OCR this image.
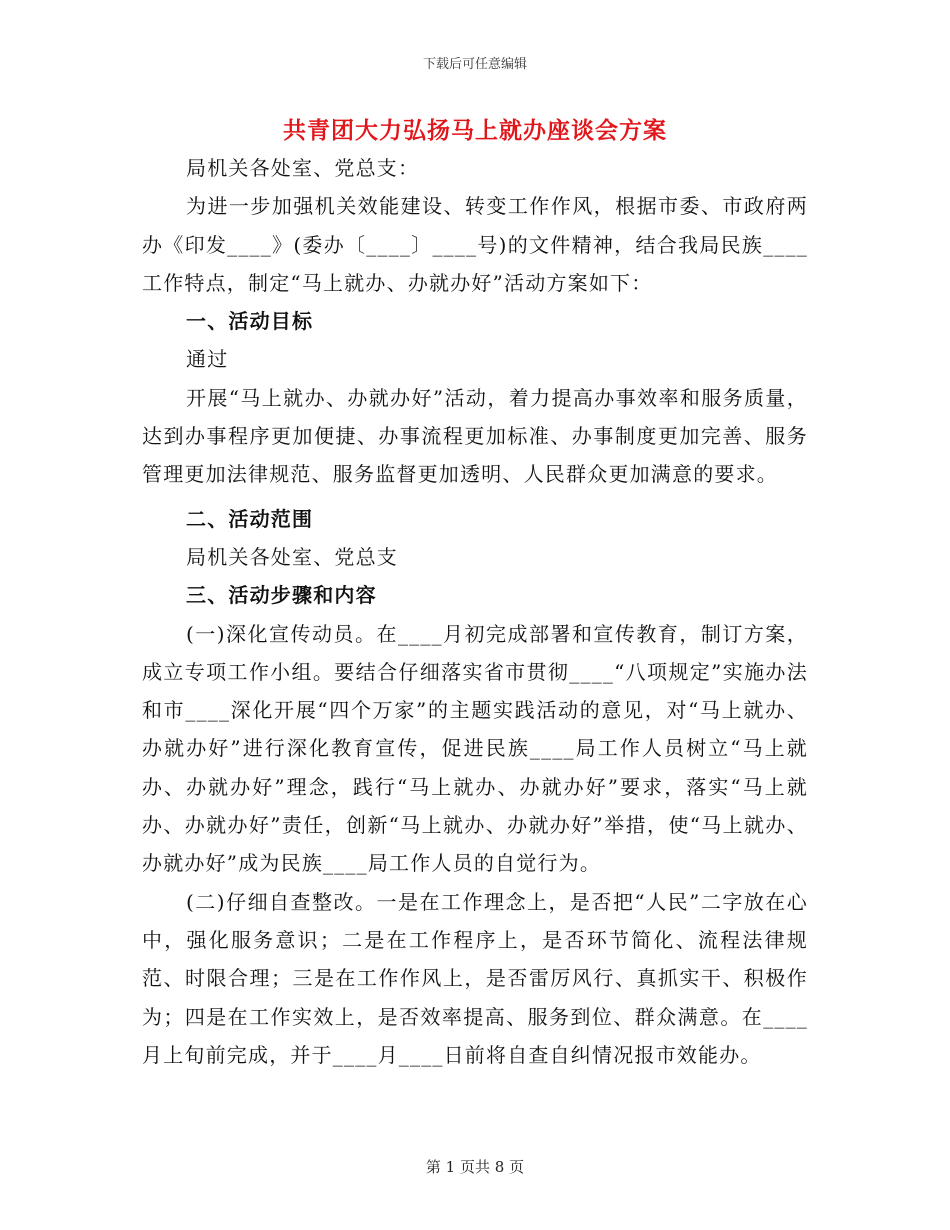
下载后可任意编辑
共青团大力弘扬马上就办座谈会方案

局机关各处室、党总支：

为进一步加强机关效能建设、转变工作作风，根据市委、市政府两办《印发____》(委办〔____〕____号)的文件精神，结合我局民族____工作特点，制定“马上就办、办就办好”活动方案如下：

一、活动目标

通过

开展“马上就办、办就办好”活动，着力提高办事效率和服务质量，达到办事程序更加便捷、办事流程更加标准、办事制度更加完善、服务管理更加法律规范、服务监督更加透明、人民群众更加满意的要求。

二、活动范围

局机关各处室、党总支

三、活动步骤和内容

(一)深化宣传动员。在____月初完成部署和宣传教育，制订方案，成立专项工作小组。要结合仔细落实省市贯彻____“八项规定”实施办法和市____深化开展“四个万家”的主题实践活动的意见，对“马上就办、办就办好”进行深化教育宣传，促进民族____局工作人员树立“马上就办、办就办好”理念，践行“马上就办、办就办好”要求，落实“马上就办、办就办好”责任，创新“马上就办、办就办好”举措，使“马上就办、办就办好”成为民族____局工作人员的自觉行为。

(二)仔细自查整改。一是在工作理念上，是否把“人民”二字放在心中，强化服务意识；二是在工作程序上，是否环节简化、流程法律规范、时限合理；三是在工作作风上，是否雷厉风行、真抓实干、积极作为；四是在工作实效上，是否效率提高、服务到位、群众满意。在____月上旬前完成，并于____月____日前将自查自纠情况报市效能办。

第 1 页共 8 页
